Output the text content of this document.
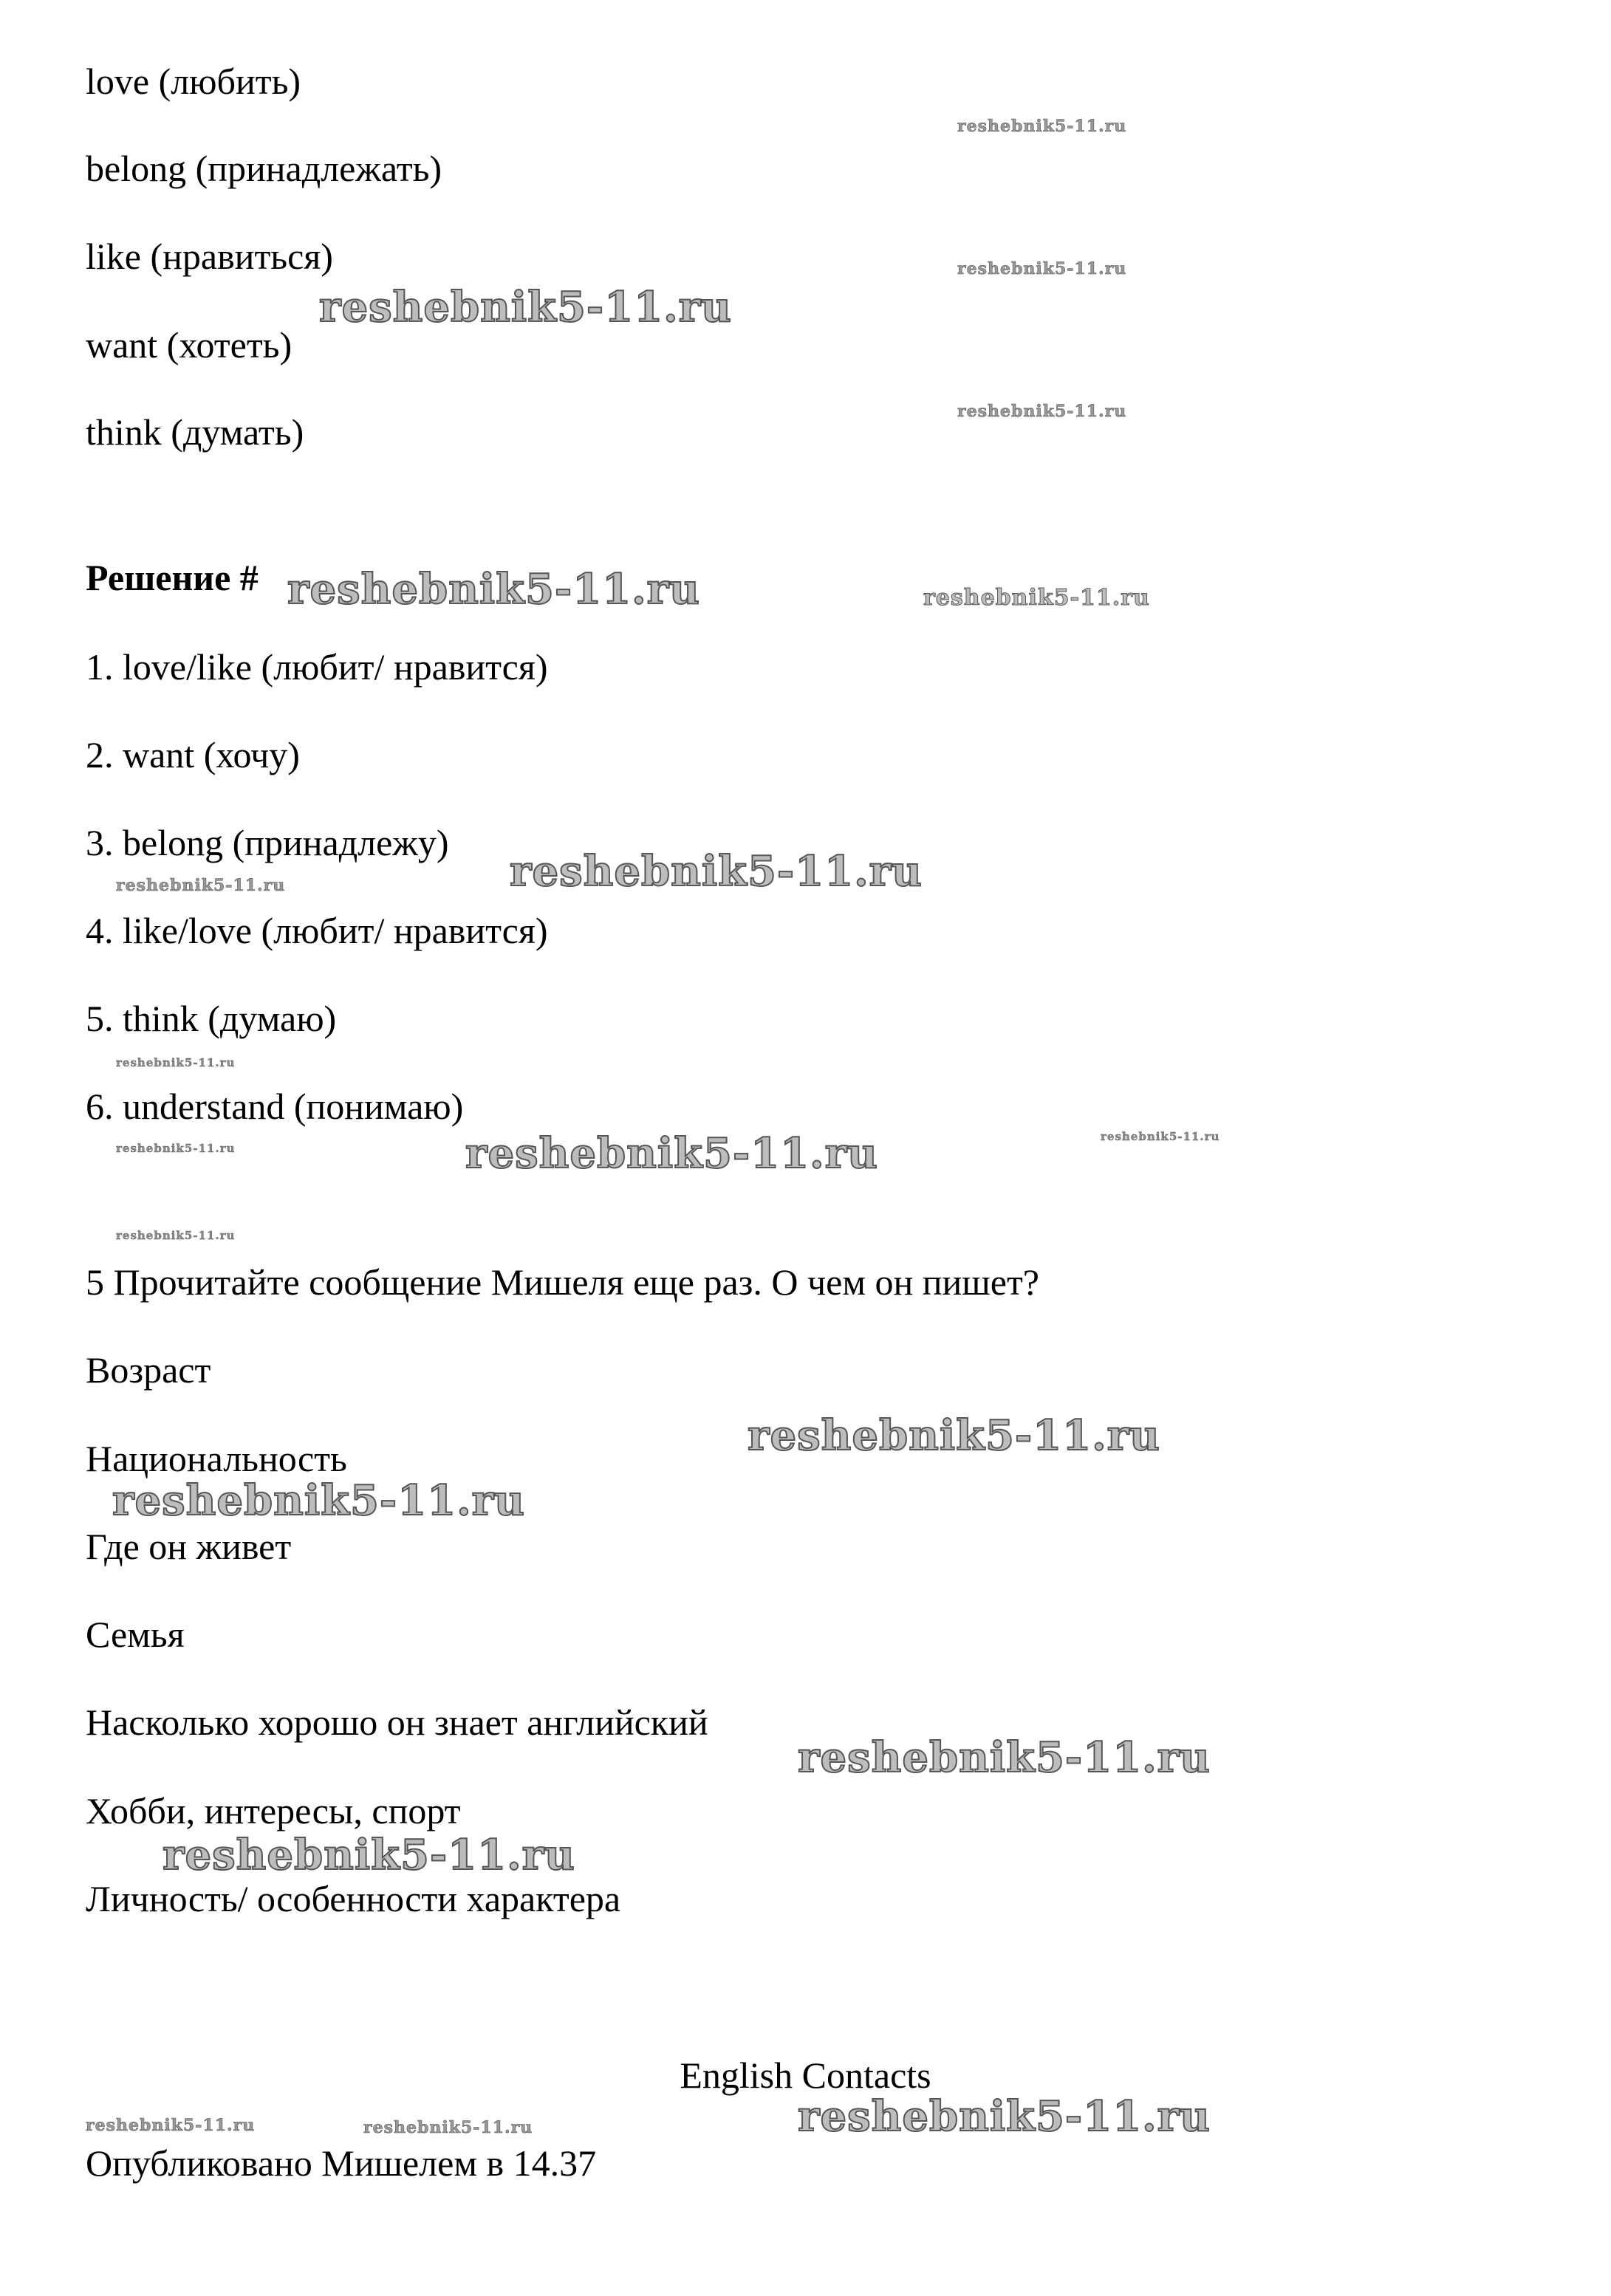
love (любить)
belong (принадлежать)
like (нравиться)
want (хотеть)
think (думать)
Решение #
1. love/like (любит/ нравится)
2. want (хочу)
3. belong (принадлежу)
4. like/love (любит/ нравится)
5. think (думаю)
6. understand (понимаю)
5 Прочитайте сообщение Мишеля еще раз. О чем он пишет?
Возраст
Национальность
Где он живет
Семья
Насколько хорошо он знает английский
Хобби, интересы, спорт
Личность/ особенности характера
English Contacts
Опубликовано Мишелем в 14.37
reshebnik5-11.ru
reshebnik5-11.ru
reshebnik5-11.ru
reshebnik5-11.ru
reshebnik5-11.ru	reshebnik5-11.ru
reshebnik5-11.ru
reshebnik5-11.ru
reshebnik5-11.ru
reshebnik5-11.ru
reshebnik5-11.ru
reshebnik5-11.ru
reshebnik5-11.ru
reshebnik5-11.ru
reshebnik5-11.ru
reshebnik5-11.ru
reshebnik5-11.ru
reshebnik5-11.ru	reshebnik5-11.ru	reshebnik5-11.ru
